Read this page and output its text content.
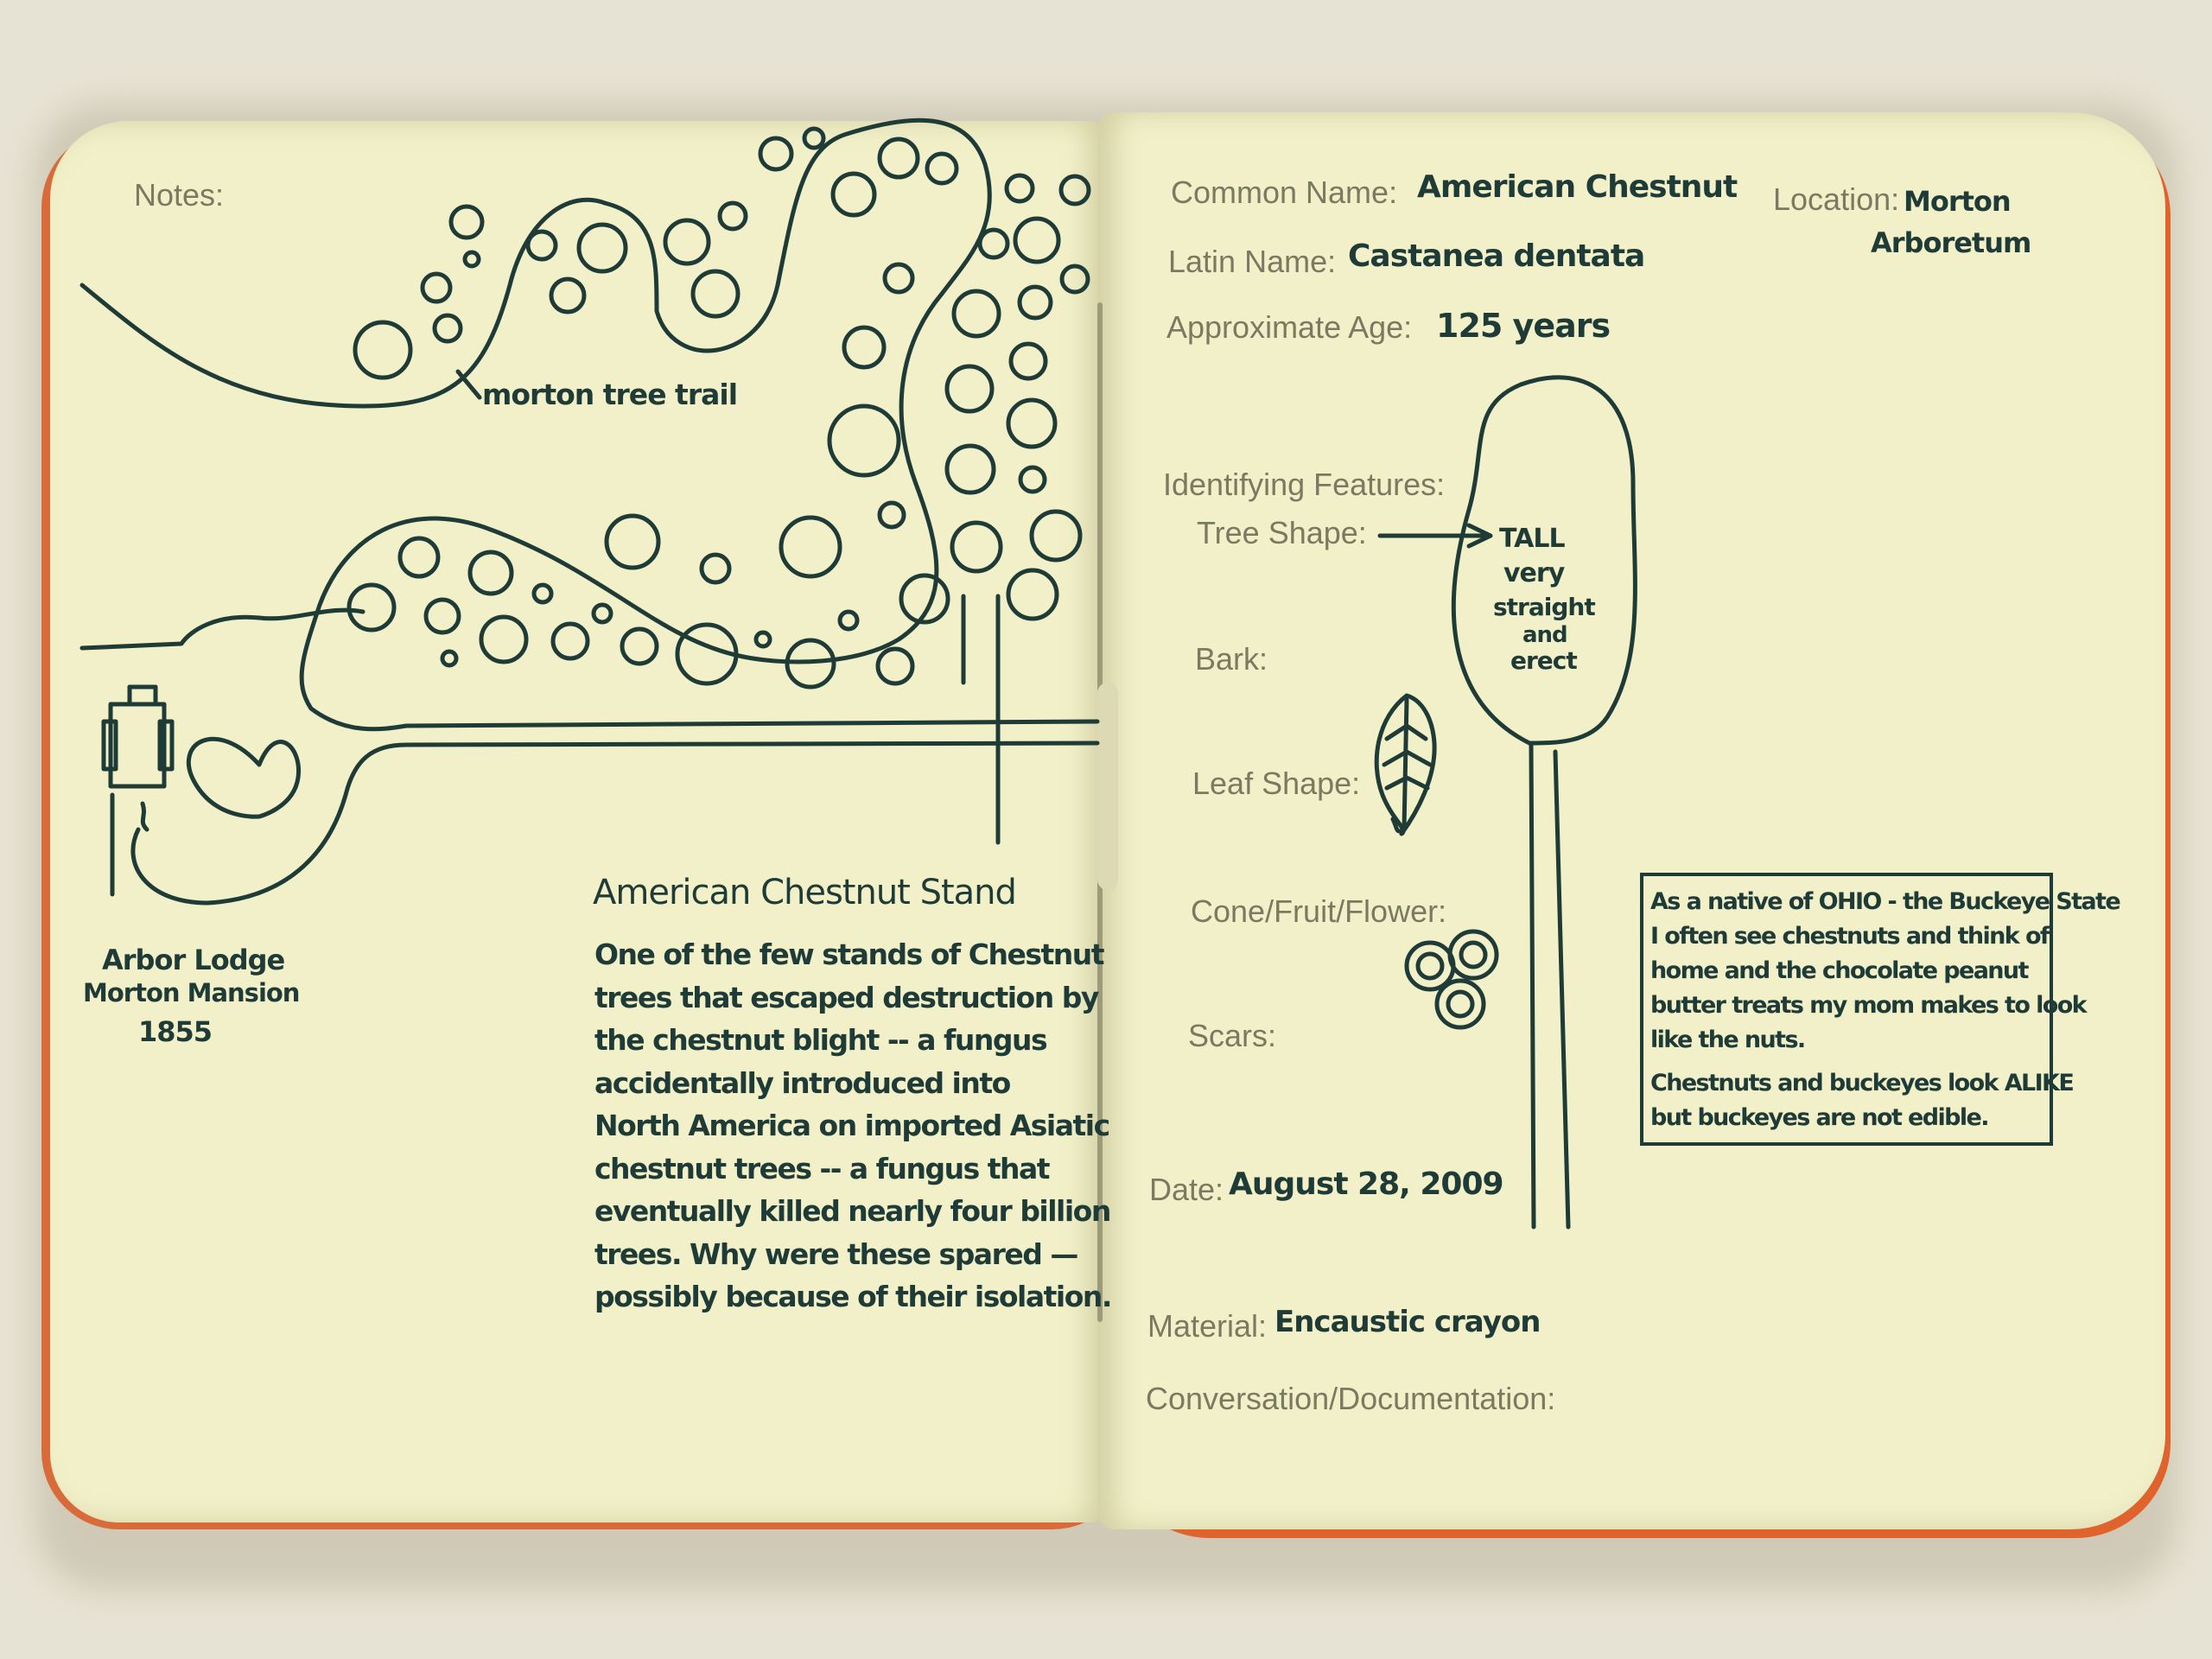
Notes:
morton tree trail
Arbor Lodge
Morton Mansion
1855
American Chestnut Stand
One of the few stands of Chestnut
trees that escaped destruction by
the chestnut blight -- a fungus
accidentally introduced into
North America on imported Asiatic
chestnut trees -- a fungus that
eventually killed nearly four billion
trees. Why were these spared —
possibly because of their isolation.
Common Name: American Chestnut Location: Morton
Arboretum
Latin Name: Castanea dentata
Approximate Age: 125 years
Identifying Features:
Tree Shape:	TALL
very
straight
and
erect
Bark:
Leaf Shape:
Cone/Fruit/Flower:
Scars:
Date: August 28, 2009
Material: Encaustic crayon
Conversation/Documentation:

As a native of OHIO - the Buckeye State

I often see chestnuts and think of

home and the chocolate peanut

butter treats my mom makes to look

like the nuts.

Chestnuts and buckeyes look ALIKE

but buckeyes are not edible.
